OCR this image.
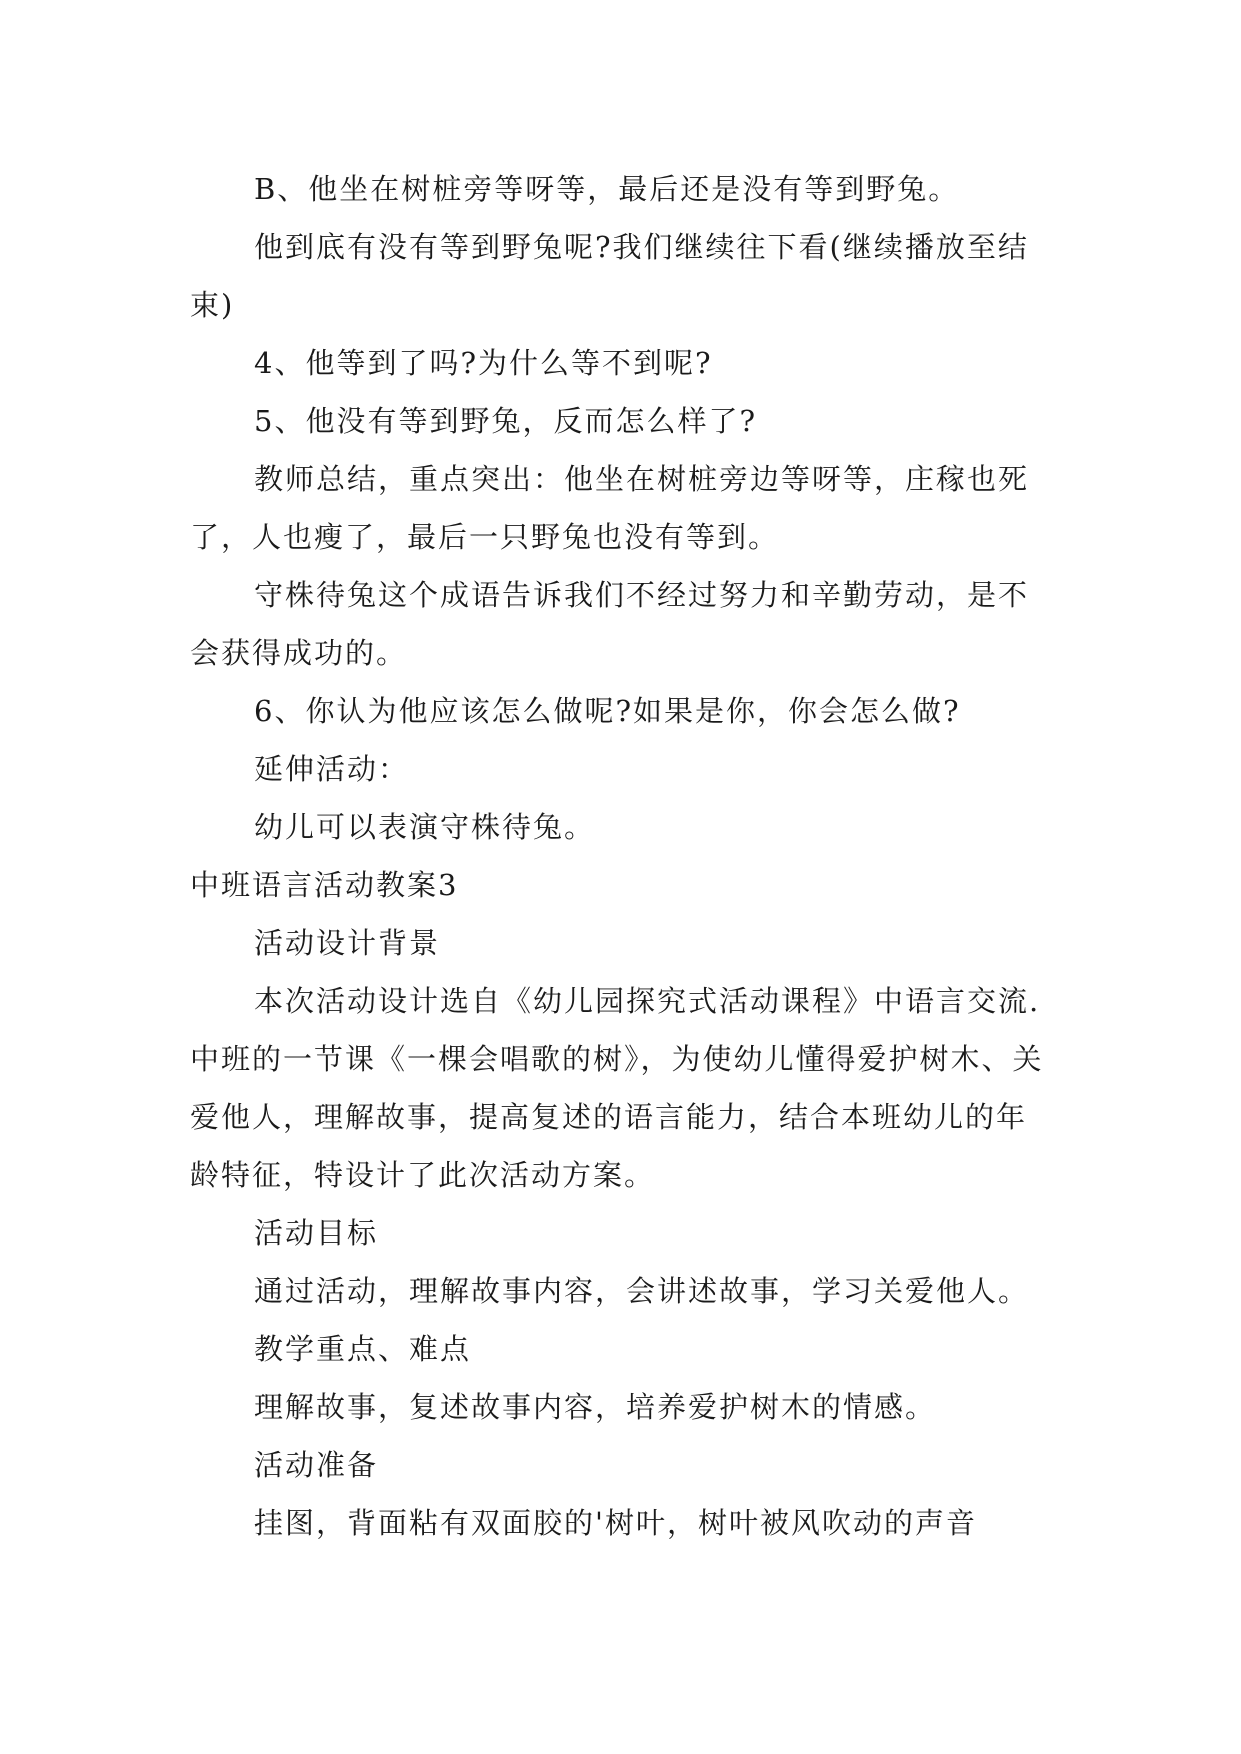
B、他坐在树桩旁等呀等，最后还是没有等到野兔。

他到底有没有等到野兔呢?我们继续往下看(继续播放至结束)

4、他等到了吗?为什么等不到呢?

5、他没有等到野兔，反而怎么样了?

教师总结，重点突出：他坐在树桩旁边等呀等，庄稼也死了，人也瘦了，最后一只野兔也没有等到。

守株待兔这个成语告诉我们不经过努力和辛勤劳动，是不会获得成功的。

6、你认为他应该怎么做呢?如果是你，你会怎么做?

延伸活动：

幼儿可以表演守株待兔。

中班语言活动教案3

活动设计背景

本次活动设计选自《幼儿园探究式活动课程》中语言交流.中班的一节课《一棵会唱歌的树》，为使幼儿懂得爱护树木、关爱他人，理解故事，提高复述的语言能力，结合本班幼儿的年龄特征，特设计了此次活动方案。

活动目标

通过活动，理解故事内容，会讲述故事，学习关爱他人。

教学重点、难点

理解故事，复述故事内容，培养爱护树木的情感。

活动准备

挂图，背面粘有双面胶的'树叶，树叶被风吹动的声音
